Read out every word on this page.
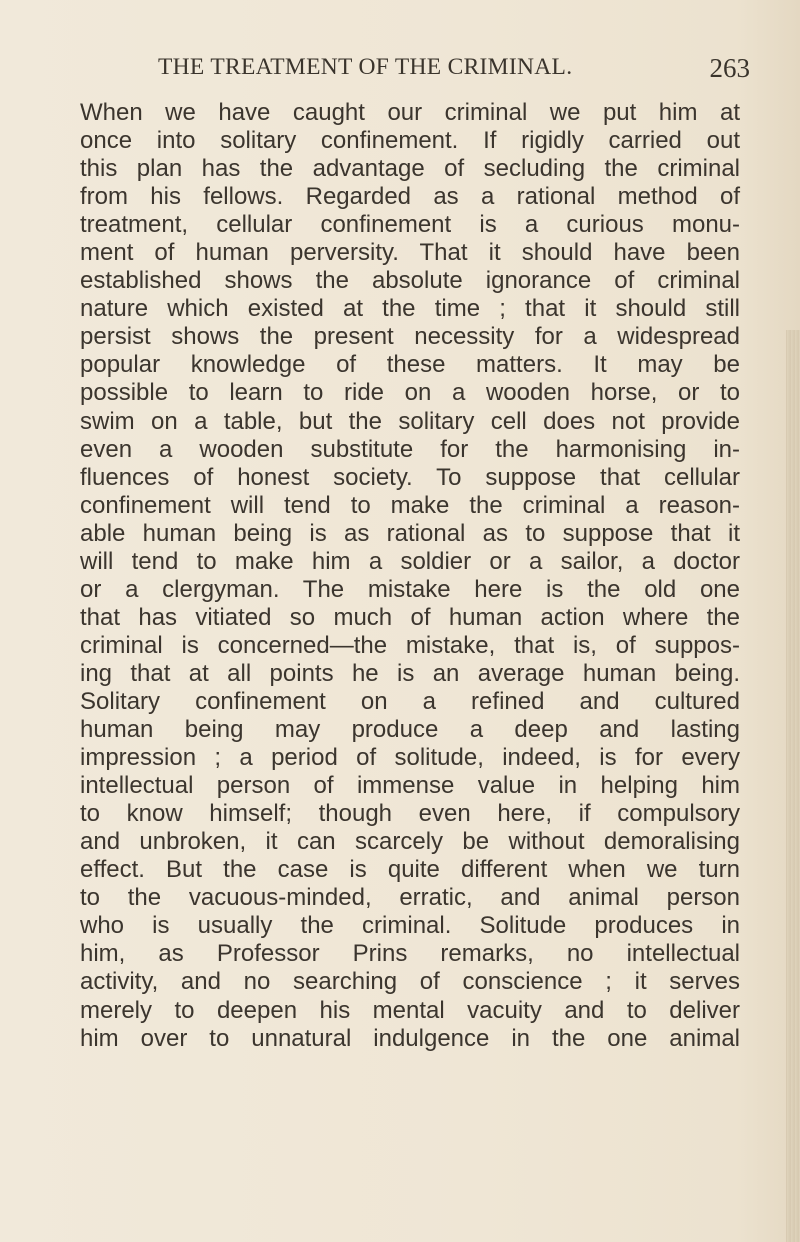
THE TREATMENT OF THE CRIMINAL.	263
When we have caught our criminal we put him at
once into solitary confinement. If rigidly carried out
this plan has the advantage of secluding the criminal
from his fellows. Regarded as a rational method of
treatment, cellular confinement is a curious monu-
ment of human perversity. That it should have been
established shows the absolute ignorance of criminal
nature which existed at the time ; that it should still
persist shows the present necessity for a widespread
popular knowledge of these matters. It may be
possible to learn to ride on a wooden horse, or to
swim on a table, but the solitary cell does not provide
even a wooden substitute for the harmonising in-
fluences of honest society. To suppose that cellular
confinement will tend to make the criminal a reason-
able human being is as rational as to suppose that it
will tend to make him a soldier or a sailor, a doctor
or a clergyman. The mistake here is the old one
that has vitiated so much of human action where the
criminal is concerned—the mistake, that is, of suppos-
ing that at all points he is an average human being.
Solitary confinement on a refined and cultured
human being may produce a deep and lasting
impression ; a period of solitude, indeed, is for every
intellectual person of immense value in helping him
to know himself; though even here, if compulsory
and unbroken, it can scarcely be without demoralising
effect. But the case is quite different when we turn
to the vacuous-minded, erratic, and animal person
who is usually the criminal. Solitude produces in
him, as Professor Prins remarks, no intellectual
activity, and no searching of conscience ; it serves
merely to deepen his mental vacuity and to deliver
him over to unnatural indulgence in the one animal
